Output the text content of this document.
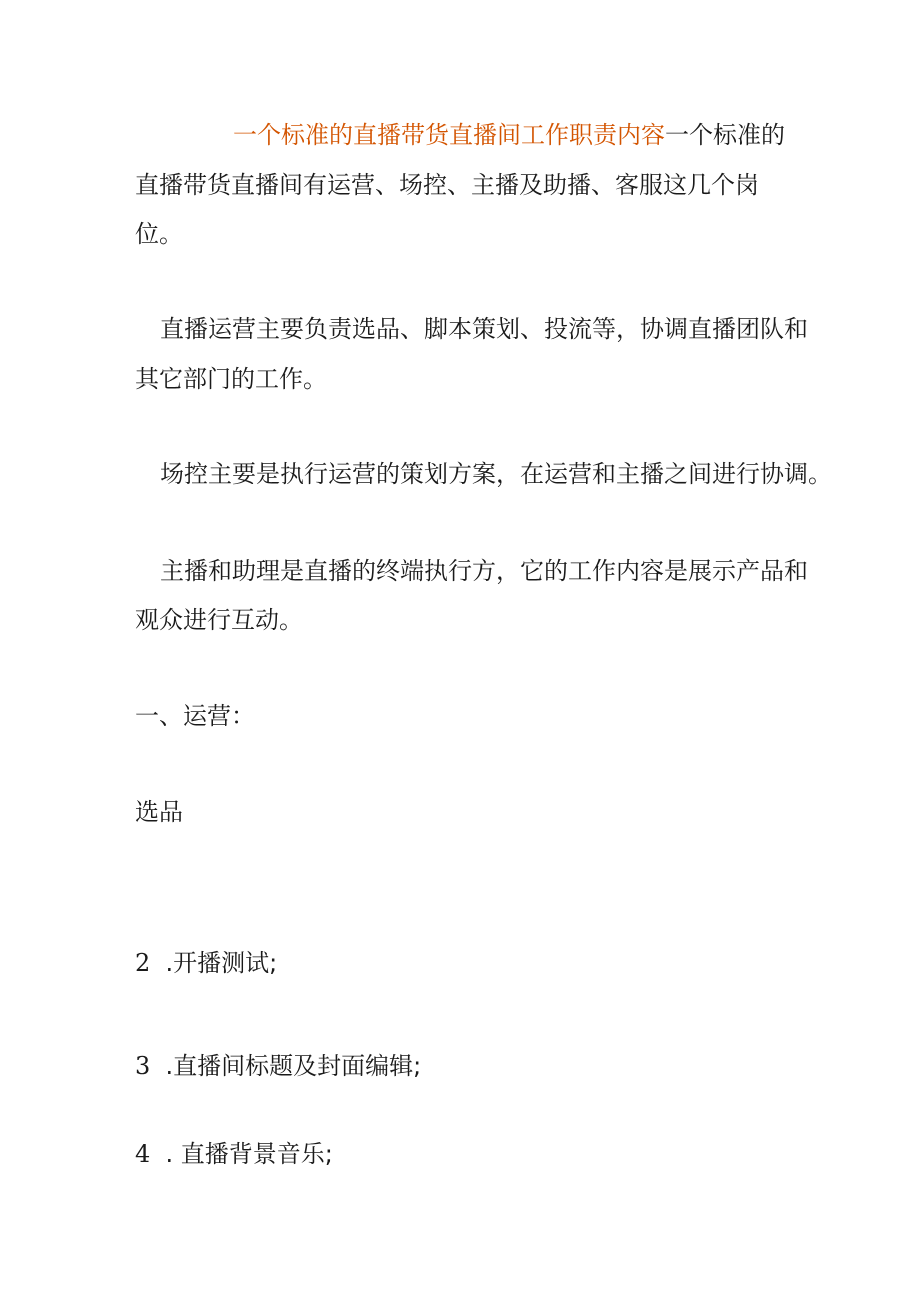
一个标准的直播带货直播间工作职责内容一个标准的
直播带货直播间有运营、场控、主播及助播、客服这几个岗
位。
直播运营主要负责选品、脚本策划、投流等，协调直播团队和
其它部门的工作。
场控主要是执行运营的策划方案，在运营和主播之间进行协调。
主播和助理是直播的终端执行方，它的工作内容是展示产品和
观众进行互动。
一、运营：
选品
2 .开播测试;
3 .直播间标题及封面编辑;
4 . 直播背景音乐;
